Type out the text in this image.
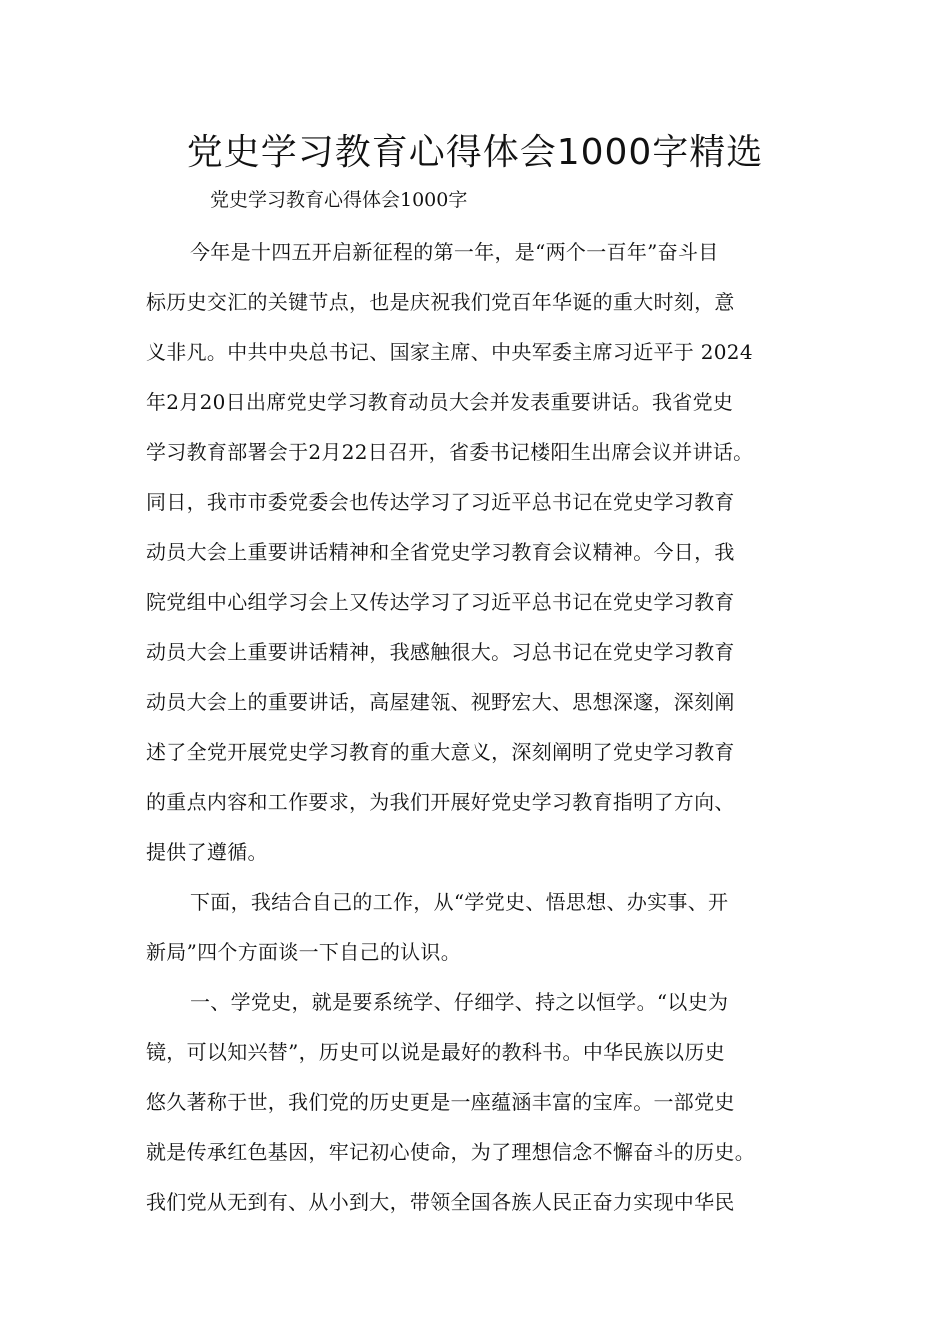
党史学习教育心得体会1000字精选
党史学习教育心得体会1000字
今年是十四五开启新征程的第一年，是“两个一百年”奋斗目
标历史交汇的关键节点，也是庆祝我们党百年华诞的重大时刻，意
义非凡。中共中央总书记、国家主席、中央军委主席习近平于 2024
年2月20日出席党史学习教育动员大会并发表重要讲话。我省党史
学习教育部署会于2月22日召开，省委书记楼阳生出席会议并讲话。
同日，我市市委党委会也传达学习了习近平总书记在党史学习教育
动员大会上重要讲话精神和全省党史学习教育会议精神。今日，我
院党组中心组学习会上又传达学习了习近平总书记在党史学习教育
动员大会上重要讲话精神，我感触很大。习总书记在党史学习教育
动员大会上的重要讲话，高屋建瓴、视野宏大、思想深邃，深刻阐
述了全党开展党史学习教育的重大意义，深刻阐明了党史学习教育
的重点内容和工作要求，为我们开展好党史学习教育指明了方向、
提供了遵循。
下面，我结合自己的工作，从“学党史、悟思想、办实事、开
新局”四个方面谈一下自己的认识。
一、学党史，就是要系统学、仔细学、持之以恒学。“以史为
镜，可以知兴替”，历史可以说是最好的教科书。中华民族以历史
悠久著称于世，我们党的历史更是一座蕴涵丰富的宝库。一部党史
就是传承红色基因，牢记初心使命，为了理想信念不懈奋斗的历史。
我们党从无到有、从小到大，带领全国各族人民正奋力实现中华民
